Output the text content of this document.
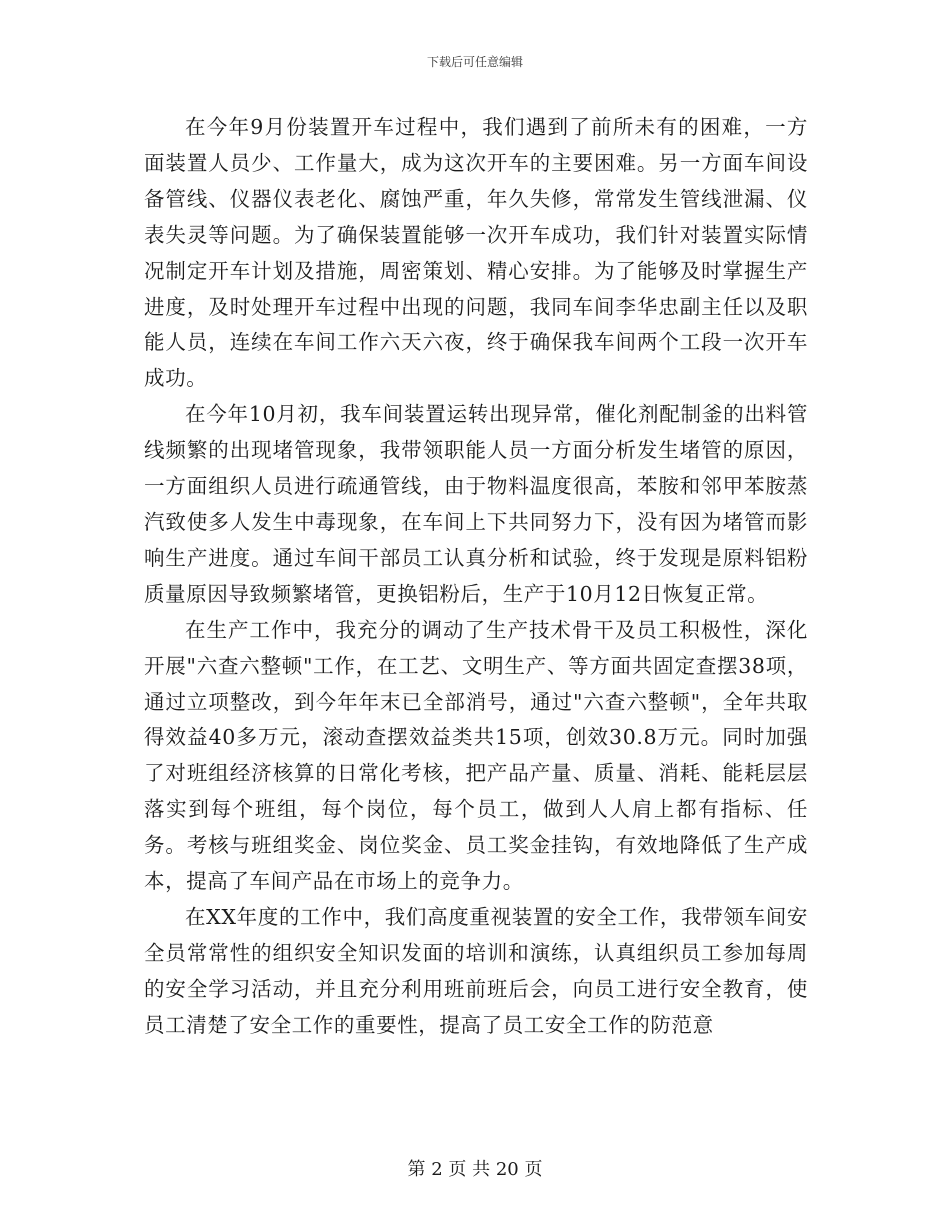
下载后可任意编辑

在今年9月份装置开车过程中，我们遇到了前所未有的困难，一方面装置人员少、工作量大，成为这次开车的主要困难。另一方面车间设备管线、仪器仪表老化、腐蚀严重，年久失修，常常发生管线泄漏、仪表失灵等问题。为了确保装置能够一次开车成功，我们针对装置实际情况制定开车计划及措施，周密策划、精心安排。为了能够及时掌握生产进度，及时处理开车过程中出现的问题，我同车间李华忠副主任以及职能人员，连续在车间工作六天六夜，终于确保我车间两个工段一次开车成功。

在今年10月初，我车间装置运转出现异常，催化剂配制釜的出料管线频繁的出现堵管现象，我带领职能人员一方面分析发生堵管的原因，一方面组织人员进行疏通管线，由于物料温度很高，苯胺和邻甲苯胺蒸汽致使多人发生中毒现象，在车间上下共同努力下，没有因为堵管而影响生产进度。通过车间干部员工认真分析和试验，终于发现是原料铝粉质量原因导致频繁堵管，更换铝粉后，生产于10月12日恢复正常。

在生产工作中，我充分的调动了生产技术骨干及员工积极性，深化开展"六查六整顿"工作，在工艺、文明生产、等方面共固定查摆38项，通过立项整改，到今年年末已全部消号，通过"六查六整顿"，全年共取得效益40多万元，滚动查摆效益类共15项，创效30.8万元。同时加强了对班组经济核算的日常化考核，把产品产量、质量、消耗、能耗层层落实到每个班组，每个岗位，每个员工，做到人人肩上都有指标、任务。考核与班组奖金、岗位奖金、员工奖金挂钩，有效地降低了生产成本，提高了车间产品在市场上的竞争力。

在XX年度的工作中，我们高度重视装置的安全工作，我带领车间安全员常常性的组织安全知识发面的培训和演练，认真组织员工参加每周的安全学习活动，并且充分利用班前班后会，向员工进行安全教育，使员工清楚了安全工作的重要性，提高了员工安全工作的防范意

第 2 页 共 20 页
